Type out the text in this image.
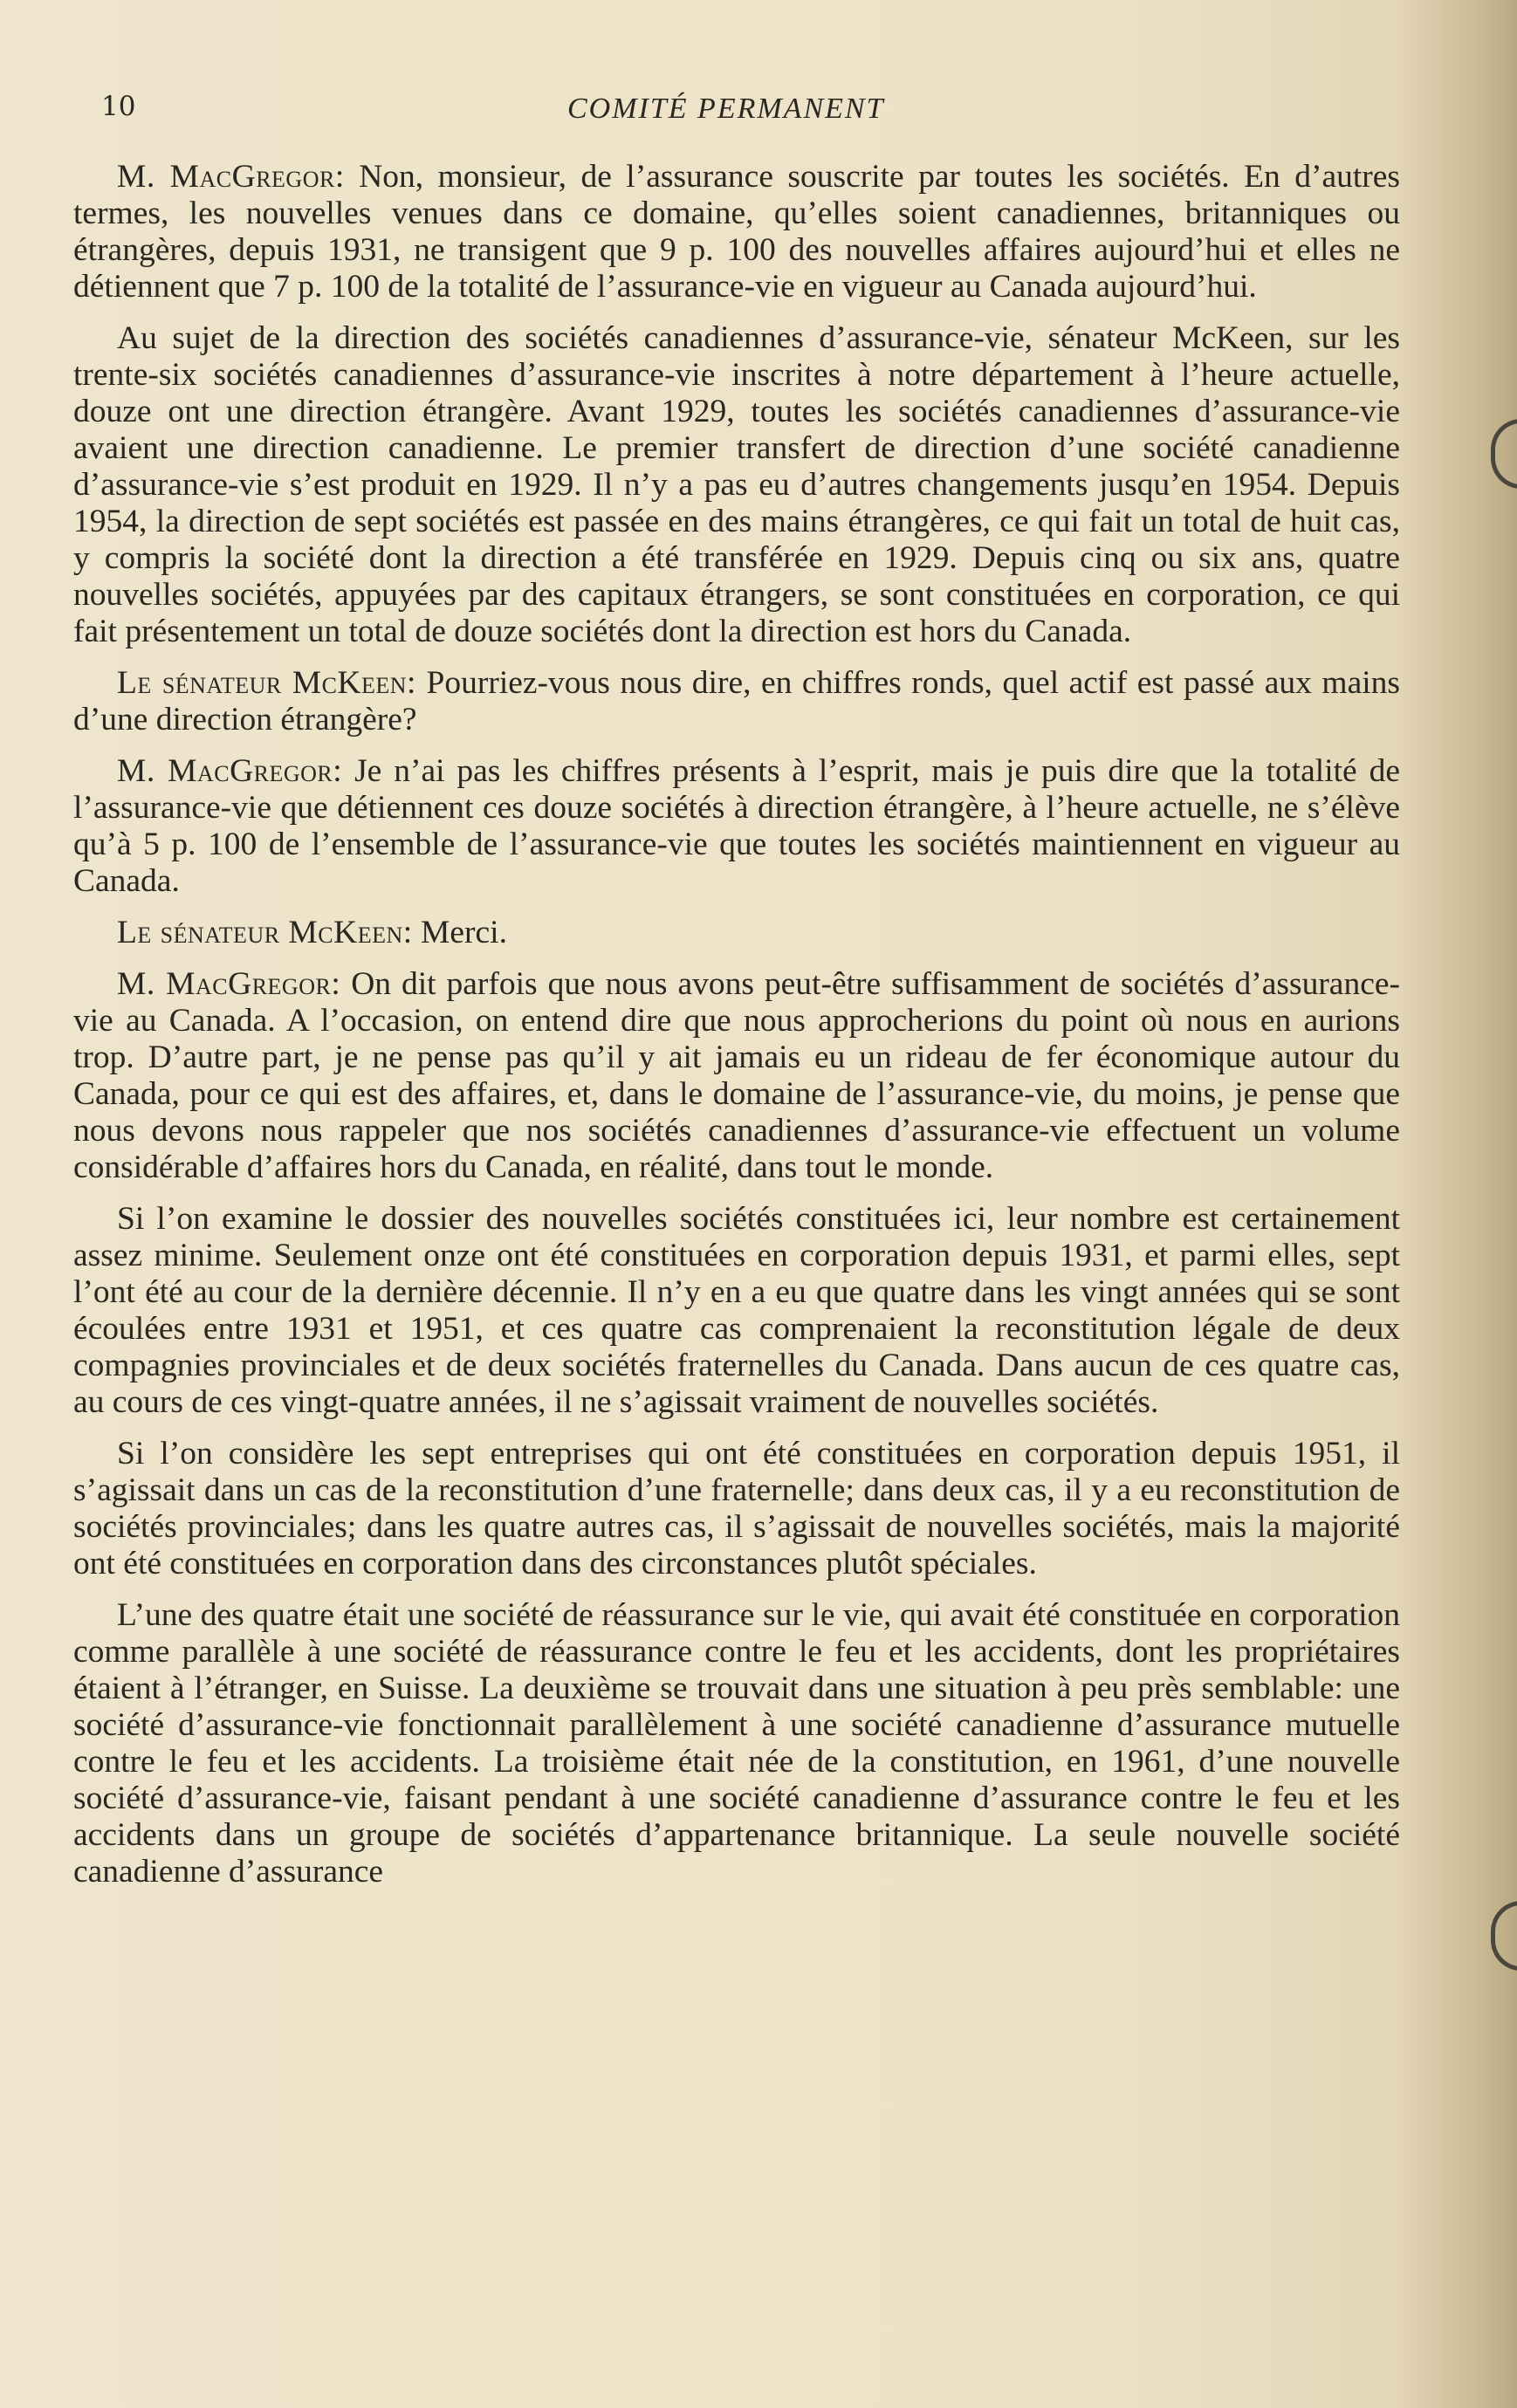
10	COMITÉ PERMANENT

M. MacGregor: Non, monsieur, de l’assurance souscrite par toutes les sociétés. En d’autres termes, les nouvelles venues dans ce domaine, qu’elles soient canadiennes, britanniques ou étrangères, depuis 1931, ne transigent que 9 p. 100 des nouvelles affaires aujourd’hui et elles ne détiennent que 7 p. 100 de la totalité de l’assurance-vie en vigueur au Canada aujourd’hui.

Au sujet de la direction des sociétés canadiennes d’assurance-vie, sénateur McKeen, sur les trente-six sociétés canadiennes d’assurance-vie inscrites à notre département à l’heure actuelle, douze ont une direction étrangère. Avant 1929, toutes les sociétés canadiennes d’assurance-vie avaient une direction canadienne. Le premier transfert de direction d’une société canadienne d’assurance-vie s’est produit en 1929. Il n’y a pas eu d’autres changements jusqu’en 1954. Depuis 1954, la direction de sept sociétés est passée en des mains étrangères, ce qui fait un total de huit cas, y compris la société dont la direction a été transférée en 1929. Depuis cinq ou six ans, quatre nouvelles sociétés, appuyées par des capitaux étrangers, se sont constituées en corporation, ce qui fait présentement un total de douze sociétés dont la direction est hors du Canada.

Le sénateur McKeen: Pourriez-vous nous dire, en chiffres ronds, quel actif est passé aux mains d’une direction étrangère?

M. MacGregor: Je n’ai pas les chiffres présents à l’esprit, mais je puis dire que la totalité de l’assurance-vie que détiennent ces douze sociétés à direction étrangère, à l’heure actuelle, ne s’élève qu’à 5 p. 100 de l’ensemble de l’assurance-vie que toutes les sociétés maintiennent en vigueur au Canada.

Le sénateur McKeen: Merci.

M. MacGregor: On dit parfois que nous avons peut-être suffisamment de sociétés d’assurance-vie au Canada. A l’occasion, on entend dire que nous approcherions du point où nous en aurions trop. D’autre part, je ne pense pas qu’il y ait jamais eu un rideau de fer économique autour du Canada, pour ce qui est des affaires, et, dans le domaine de l’assurance-vie, du moins, je pense que nous devons nous rappeler que nos sociétés canadiennes d’assurance-vie effectuent un volume considérable d’affaires hors du Canada, en réalité, dans tout le monde.

Si l’on examine le dossier des nouvelles sociétés constituées ici, leur nombre est certainement assez minime. Seulement onze ont été constituées en corporation depuis 1931, et parmi elles, sept l’ont été au cour de la dernière décennie. Il n’y en a eu que quatre dans les vingt années qui se sont écoulées entre 1931 et 1951, et ces quatre cas comprenaient la reconstitution légale de deux compagnies provinciales et de deux sociétés fraternelles du Canada. Dans aucun de ces quatre cas, au cours de ces vingt-quatre années, il ne s’agissait vraiment de nouvelles sociétés.

Si l’on considère les sept entreprises qui ont été constituées en corporation depuis 1951, il s’agissait dans un cas de la reconstitution d’une fraternelle; dans deux cas, il y a eu reconstitution de sociétés provinciales; dans les quatre autres cas, il s’agissait de nouvelles sociétés, mais la majorité ont été constituées en corporation dans des circonstances plutôt spéciales.

L’une des quatre était une société de réassurance sur le vie, qui avait été constituée en corporation comme parallèle à une société de réassurance contre le feu et les accidents, dont les propriétaires étaient à l’étranger, en Suisse. La deuxième se trouvait dans une situation à peu près semblable: une société d’assurance-vie fonctionnait parallèlement à une société canadienne d’assurance mutuelle contre le feu et les accidents. La troisième était née de la constitution, en 1961, d’une nouvelle société d’assurance-vie, faisant pendant à une société canadienne d’assurance contre le feu et les accidents dans un groupe de sociétés d’appartenance britannique. La seule nouvelle société canadienne d’assurance
